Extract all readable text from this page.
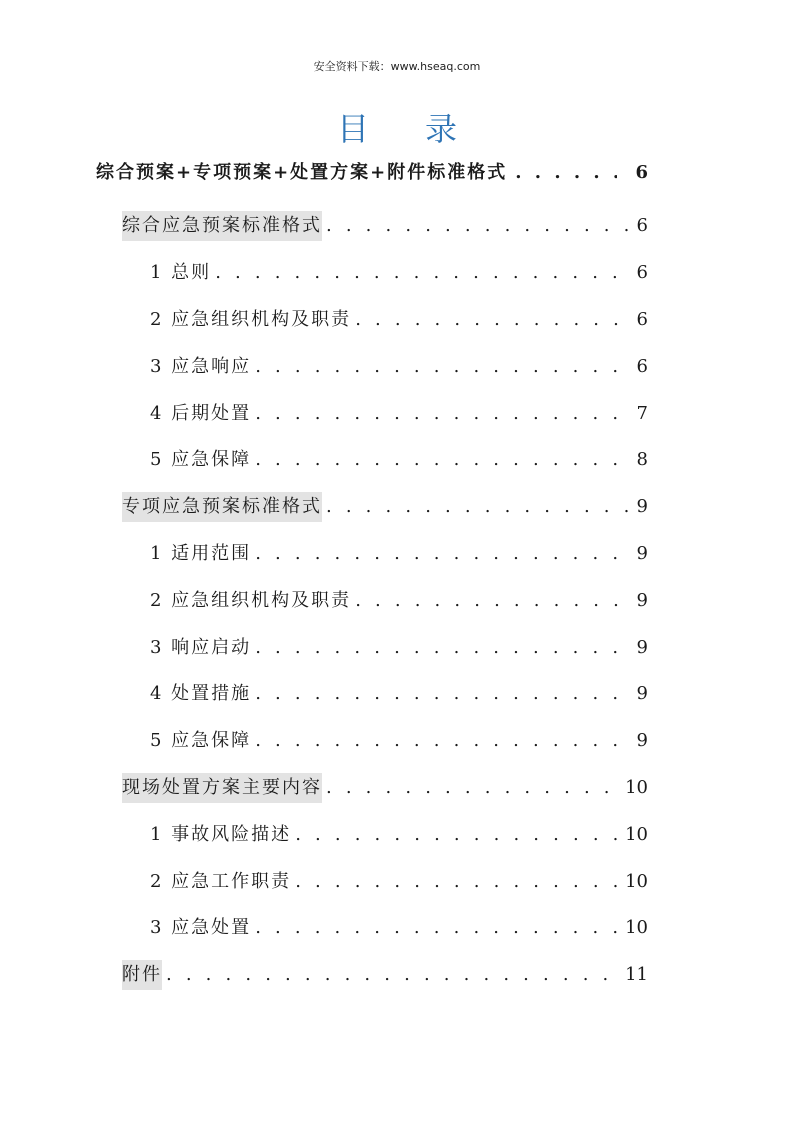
安全资料下载：www.hseaq.com
目录
综合预案+专项预案+处置方案+附件标准格式 . . .	6
综合应急预案标准格式 . . .	6
1 总则 . . .	6
2 应急组织机构及职责 . . .	6
3 应急响应 . . .	6
4 后期处置 . . .	7
5 应急保障 . . .	8
专项应急预案标准格式 . . .	9
1 适用范围 . . .	9
2 应急组织机构及职责 . . .	9
3 响应启动 . . .	9
4 处置措施 . . .	9
5 应急保障 . . .	9
现场处置方案主要内容 . . .	10
1 事故风险描述 . . .	10
2 应急工作职责 . . .	10
3 应急处置 . . .	10
附件 . . .	11
